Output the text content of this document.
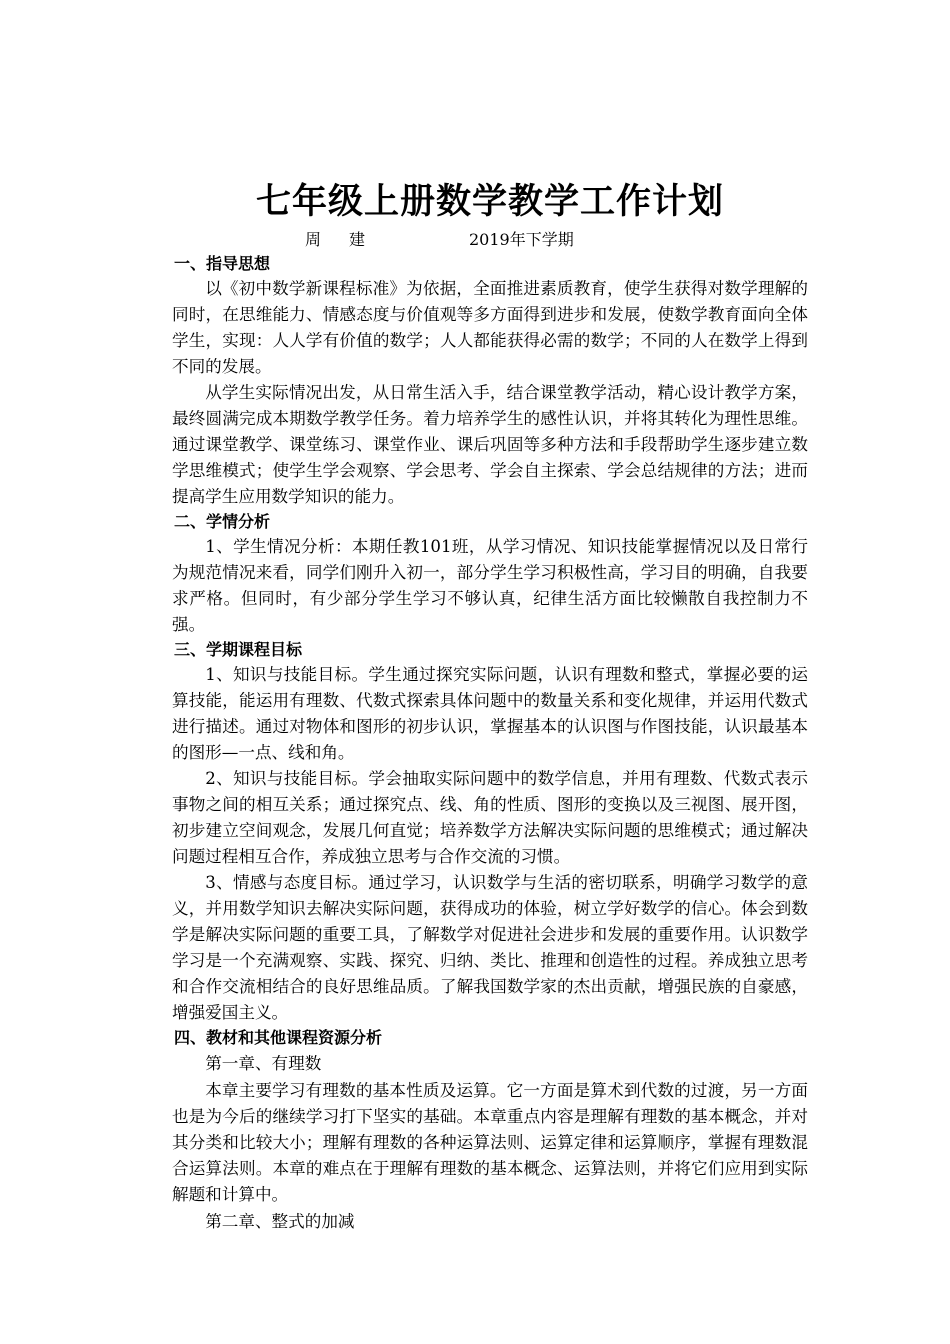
七年级上册数学教学工作计划
周建	2019年下学期
一、指导思想

以《初中数学新课程标准》为依据，全面推进素质教育，使学生获得对数学理解的同时，在思维能力、情感态度与价值观等多方面得到进步和发展，使数学教育面向全体学生，实现：人人学有价值的数学；人人都能获得必需的数学；不同的人在数学上得到不同的发展。

从学生实际情况出发，从日常生活入手，结合课堂教学活动，精心设计教学方案，最终圆满完成本期数学教学任务。着力培养学生的感性认识，并将其转化为理性思维。通过课堂教学、课堂练习、课堂作业、课后巩固等多种方法和手段帮助学生逐步建立数学思维模式；使学生学会观察、学会思考、学会自主探索、学会总结规律的方法；进而提高学生应用数学知识的能力。

二、学情分析

1、学生情况分析：本期任教101班，从学习情况、知识技能掌握情况以及日常行为规范情况来看，同学们刚升入初一，部分学生学习积极性高，学习目的明确，自我要求严格。但同时，有少部分学生学习不够认真，纪律生活方面比较懒散自我控制力不强。

三、学期课程目标

1、知识与技能目标。学生通过探究实际问题，认识有理数和整式，掌握必要的运算技能，能运用有理数、代数式探索具体问题中的数量关系和变化规律，并运用代数式进行描述。通过对物体和图形的初步认识，掌握基本的认识图与作图技能，认识最基本的图形—一点、线和角。

2、知识与技能目标。学会抽取实际问题中的数学信息，并用有理数、代数式表示事物之间的相互关系；通过探究点、线、角的性质、图形的变换以及三视图、展开图，初步建立空间观念，发展几何直觉；培养数学方法解决实际问题的思维模式；通过解决问题过程相互合作，养成独立思考与合作交流的习惯。

3、情感与态度目标。通过学习，认识数学与生活的密切联系，明确学习数学的意义，并用数学知识去解决实际问题，获得成功的体验，树立学好数学的信心。体会到数学是解决实际问题的重要工具，了解数学对促进社会进步和发展的重要作用。认识数学学习是一个充满观察、实践、探究、归纳、类比、推理和创造性的过程。养成独立思考和合作交流相结合的良好思维品质。了解我国数学家的杰出贡献，增强民族的自豪感，增强爱国主义。

四、教材和其他课程资源分析

第一章、有理数

本章主要学习有理数的基本性质及运算。它一方面是算术到代数的过渡，另一方面也是为今后的继续学习打下坚实的基础。本章重点内容是理解有理数的基本概念，并对其分类和比较大小；理解有理数的各种运算法则、运算定律和运算顺序，掌握有理数混合运算法则。本章的难点在于理解有理数的基本概念、运算法则，并将它们应用到实际解题和计算中。

第二章、整式的加减
